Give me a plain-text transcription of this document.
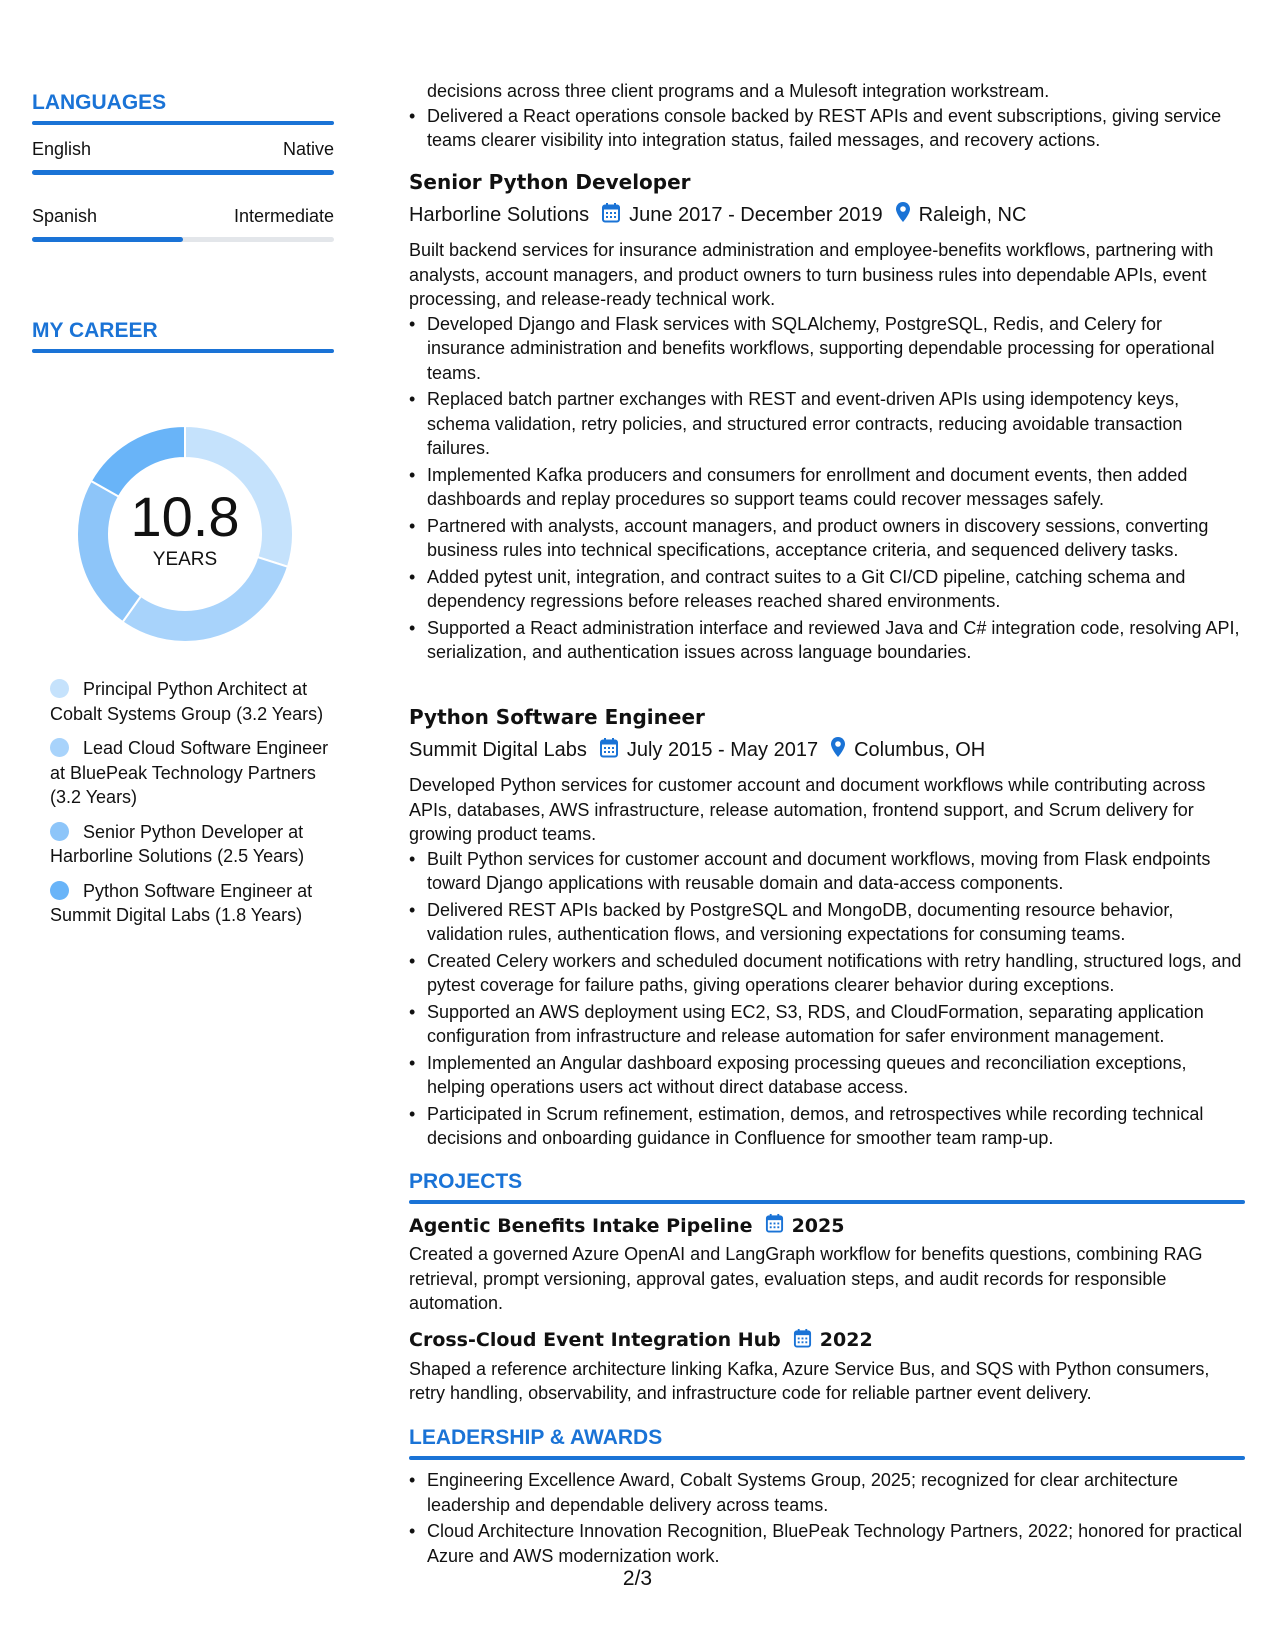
LANGUAGES
English	Native
Spanish	Intermediate
MY CAREER
10.8
YEARS
Principal Python Architect at Cobalt Systems Group (3.2 Years)
Lead Cloud Software Engineer at BluePeak Technology Partners (3.2 Years)
Senior Python Developer at Harborline Solutions (2.5 Years)
Python Software Engineer at Summit Digital Labs (1.8 Years)
decisions across three client programs and a Mulesoft integration workstream.
• Delivered a React operations console backed by REST APIs and event subscriptions, giving service teams clearer visibility into integration status, failed messages, and recovery actions.
Senior Python Developer
Harborline Solutions June 2017 - December 2019 Raleigh, NC
Built backend services for insurance administration and employee-benefits workflows, partnering with analysts, account managers, and product owners to turn business rules into dependable APIs, event processing, and release-ready technical work.
• Developed Django and Flask services with SQLAlchemy, PostgreSQL, Redis, and Celery for insurance administration and benefits workflows, supporting dependable processing for operational teams.
• Replaced batch partner exchanges with REST and event-driven APIs using idempotency keys, schema validation, retry policies, and structured error contracts, reducing avoidable transaction failures.
• Implemented Kafka producers and consumers for enrollment and document events, then added dashboards and replay procedures so support teams could recover messages safely.
• Partnered with analysts, account managers, and product owners in discovery sessions, converting business rules into technical specifications, acceptance criteria, and sequenced delivery tasks.
• Added pytest unit, integration, and contract suites to a Git CI/CD pipeline, catching schema and dependency regressions before releases reached shared environments.
• Supported a React administration interface and reviewed Java and C# integration code, resolving API, serialization, and authentication issues across language boundaries.
Python Software Engineer
Summit Digital Labs July 2015 - May 2017 Columbus, OH
Developed Python services for customer account and document workflows while contributing across APIs, databases, AWS infrastructure, release automation, frontend support, and Scrum delivery for growing product teams.
• Built Python services for customer account and document workflows, moving from Flask endpoints toward Django applications with reusable domain and data-access components.
• Delivered REST APIs backed by PostgreSQL and MongoDB, documenting resource behavior, validation rules, authentication flows, and versioning expectations for consuming teams.
• Created Celery workers and scheduled document notifications with retry handling, structured logs, and pytest coverage for failure paths, giving operations clearer behavior during exceptions.
• Supported an AWS deployment using EC2, S3, RDS, and CloudFormation, separating application configuration from infrastructure and release automation for safer environment management.
• Implemented an Angular dashboard exposing processing queues and reconciliation exceptions, helping operations users act without direct database access.
• Participated in Scrum refinement, estimation, demos, and retrospectives while recording technical decisions and onboarding guidance in Confluence for smoother team ramp-up.
PROJECTS
Agentic Benefits Intake Pipeline 2025
Created a governed Azure OpenAI and LangGraph workflow for benefits questions, combining RAG retrieval, prompt versioning, approval gates, evaluation steps, and audit records for responsible automation.
Cross-Cloud Event Integration Hub 2022
Shaped a reference architecture linking Kafka, Azure Service Bus, and SQS with Python consumers, retry handling, observability, and infrastructure code for reliable partner event delivery.
LEADERSHIP & AWARDS
• Engineering Excellence Award, Cobalt Systems Group, 2025; recognized for clear architecture leadership and dependable delivery across teams.
• Cloud Architecture Innovation Recognition, BluePeak Technology Partners, 2022; honored for practical Azure and AWS modernization work.
2/3
